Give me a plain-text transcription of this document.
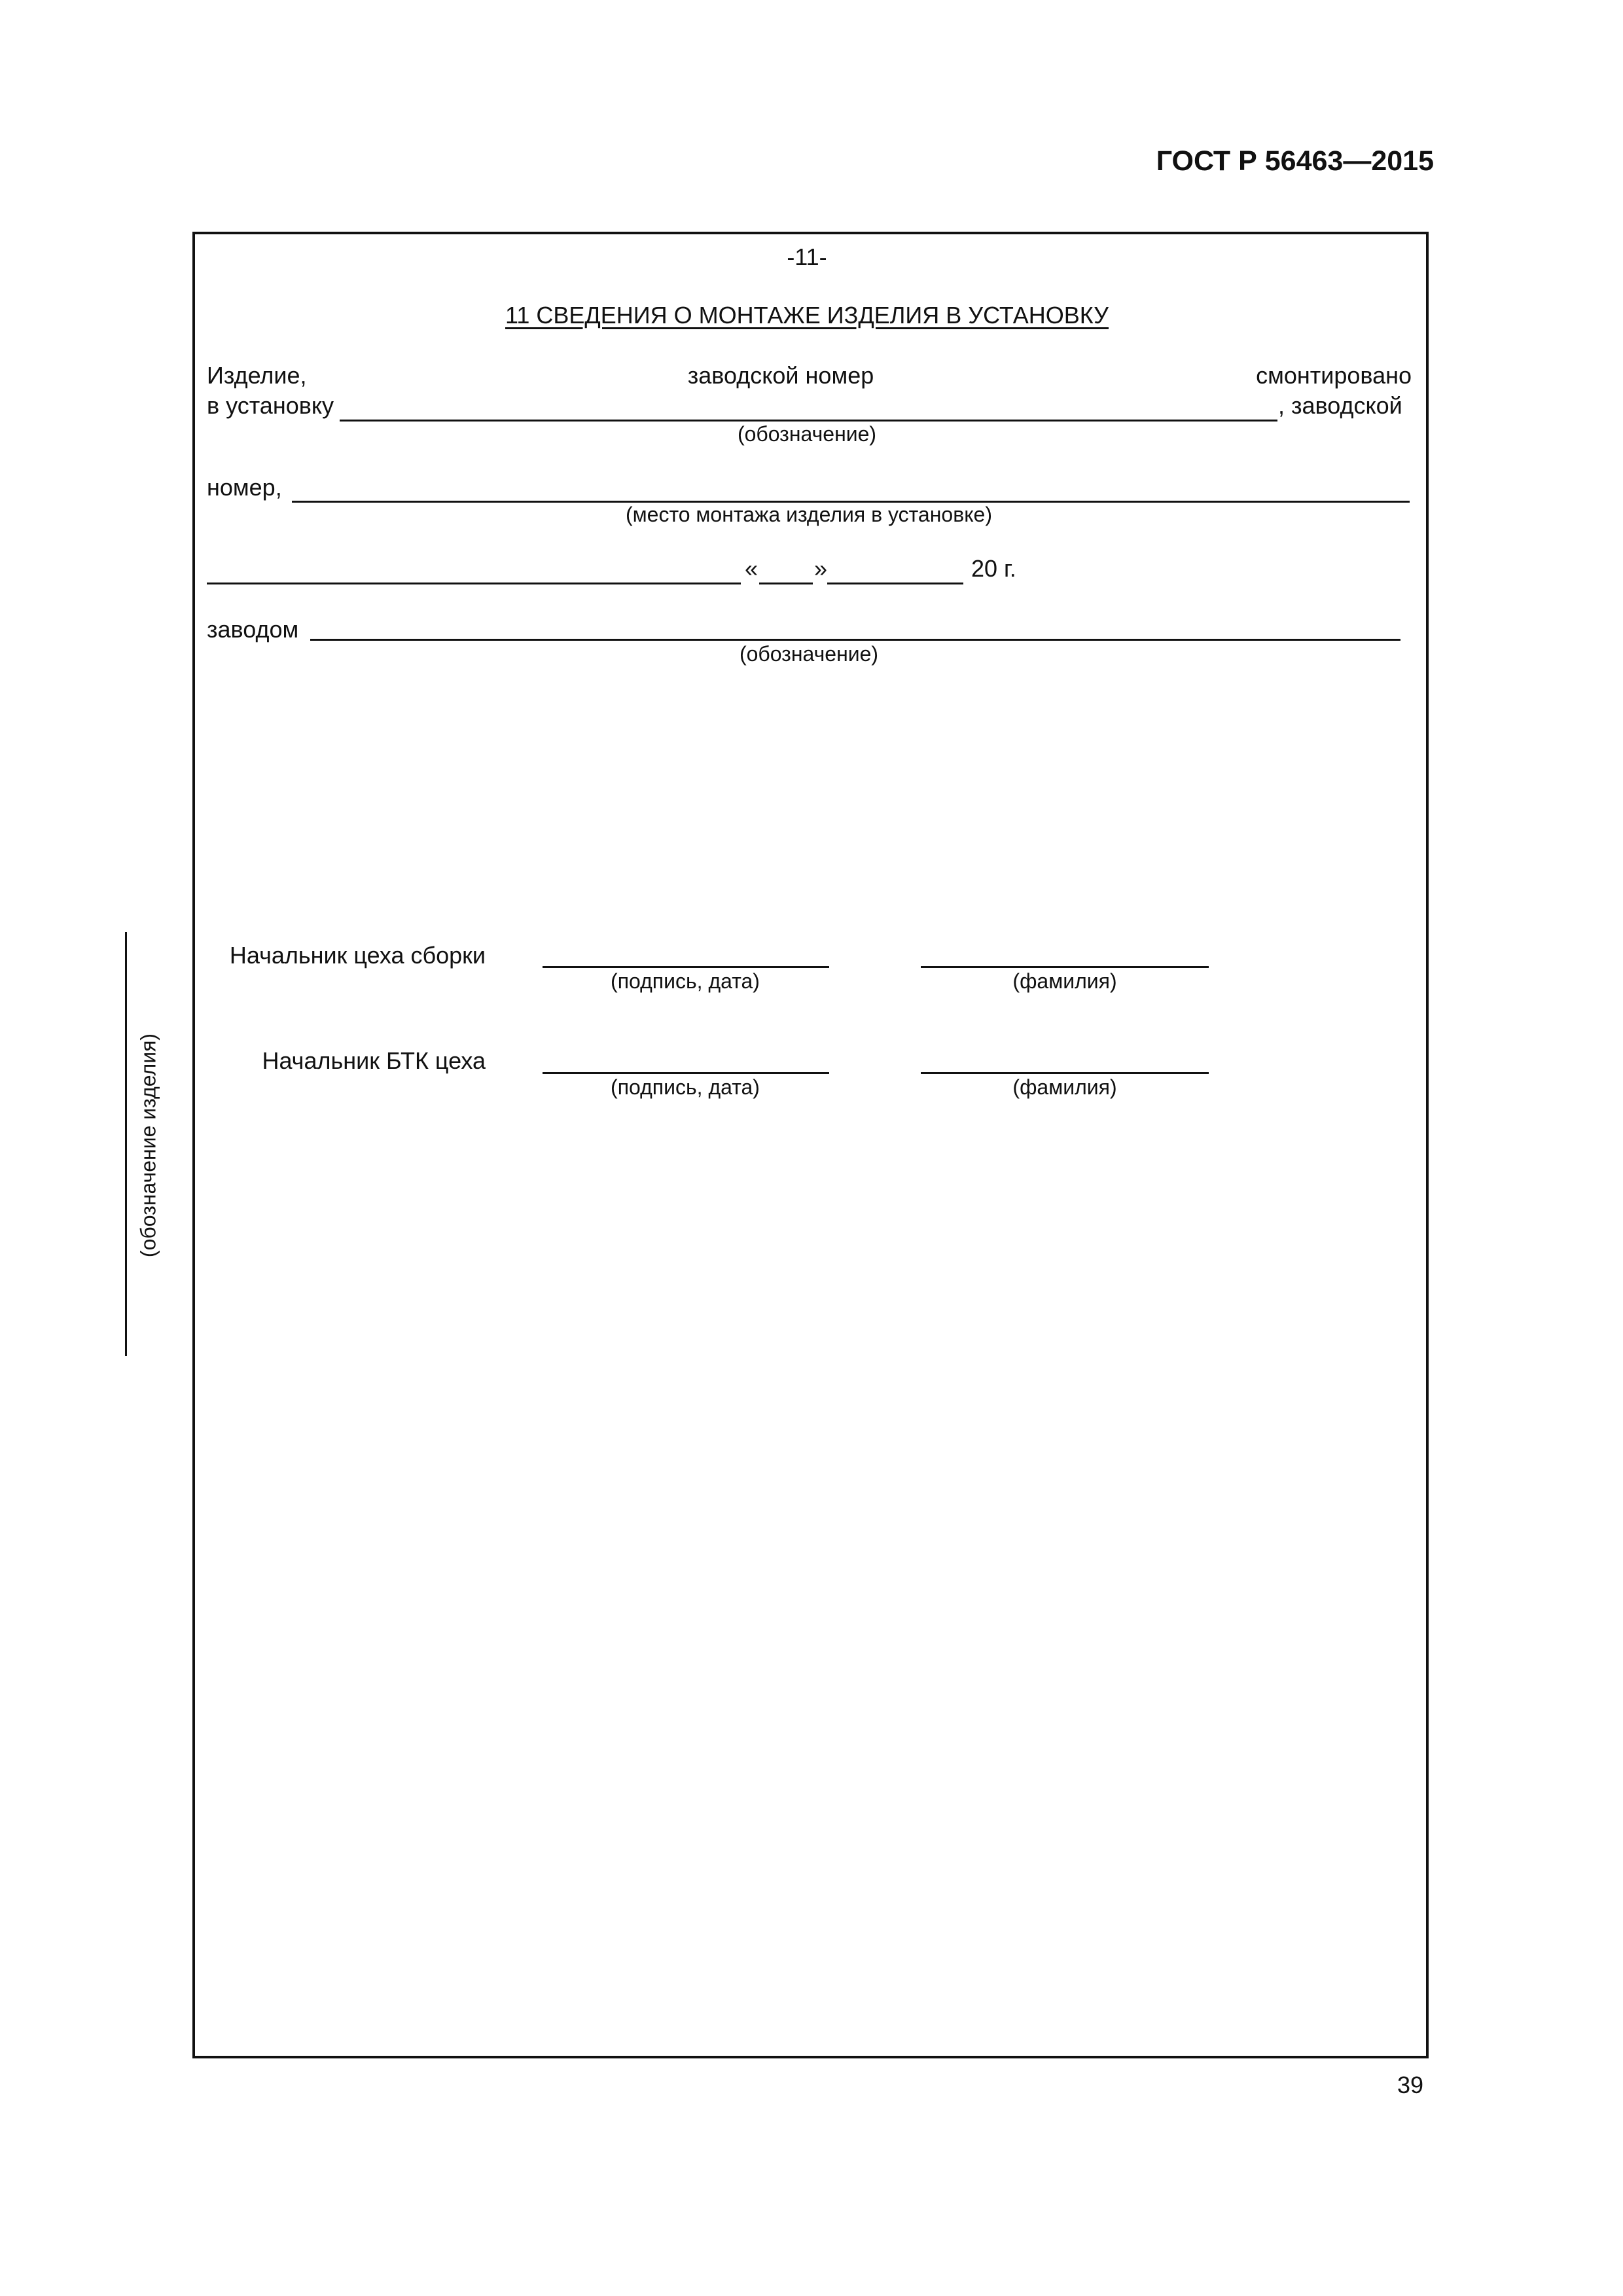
ГОСТ Р 56463—2015
-11-
11 СВЕДЕНИЯ О МОНТАЖЕ ИЗДЕЛИЯ В УСТАНОВКУ
Изделие,	заводской номер	смонтировано
в установку	, заводской
(обозначение)
номер,
(место монтажа изделия в установке)
« »	20 г.
заводом
(обозначение)
Начальник цеха сборки
(подпись, дата)	(фамилия)
Начальник БТК цеха
(подпись, дата)	(фамилия)
(обозначение изделия)
39
